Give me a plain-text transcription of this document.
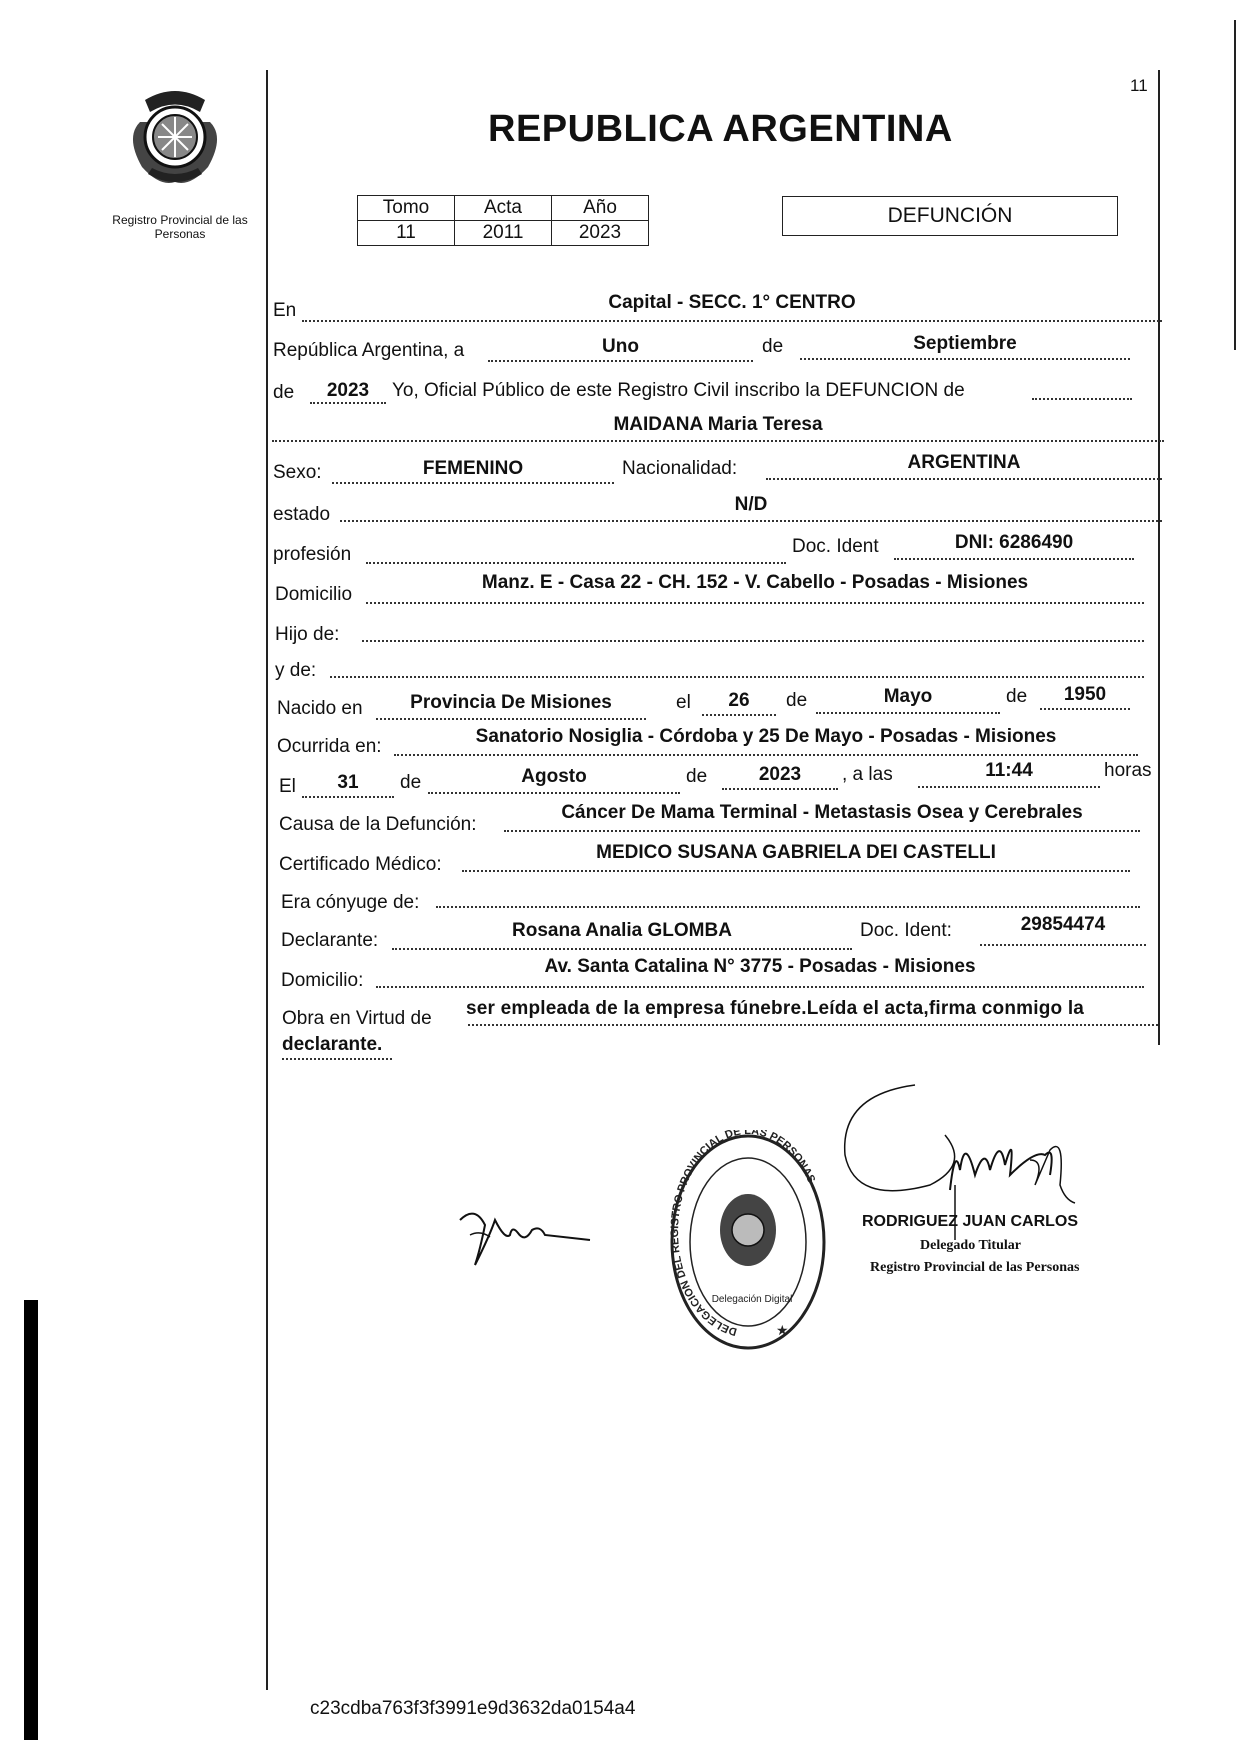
11
Registro Provincial de las Personas
REPUBLICA ARGENTINA
Tomo	Acta	Año
11	2011	2023
DEFUNCIÓN
En	Capital - SECC. 1° CENTRO
República Argentina, a	Uno	de	Septiembre
de	2023	Yo, Oficial Público de este Registro Civil inscribo la DEFUNCION de
MAIDANA Maria Teresa
Sexo:	FEMENINO	Nacionalidad:	ARGENTINA
estado	N/D
profesión	Doc. Ident	DNI: 6286490
Domicilio
Manz. E - Casa 22 - CH. 152 - V. Cabello - Posadas - Misiones
Hijo de:
y de:
Nacido en	Provincia De Misiones	el	26	de	Mayo	de	1950
Ocurrida en:	Sanatorio Nosiglia - Córdoba y 25 De Mayo - Posadas - Misiones
El	31	de	Agosto	de	2023	, a las	11:44	horas
Causa de la Defunción:
Cáncer De Mama Terminal - Metastasis Osea y Cerebrales
Certificado Médico:
MEDICO SUSANA GABRIELA DEI CASTELLI
Era cónyuge de:
Declarante:	Rosana Analia GLOMBA	Doc. Ident:	29854474
Domicilio:
Av. Santa Catalina N° 3775 - Posadas - Misiones
Obra en Virtud de ser empleada de la empresa fúnebre.Leída el acta,firma conmigo la
declarante.
DELEGACION DEL REGISTRO PROVINCIAL DE LAS PERSONAS
Delegación Digital
★
RODRIGUEZ JUAN CARLOS
Delegado Titular
Registro Provincial de las Personas
c23cdba763f3f3991e9d3632da0154a4
